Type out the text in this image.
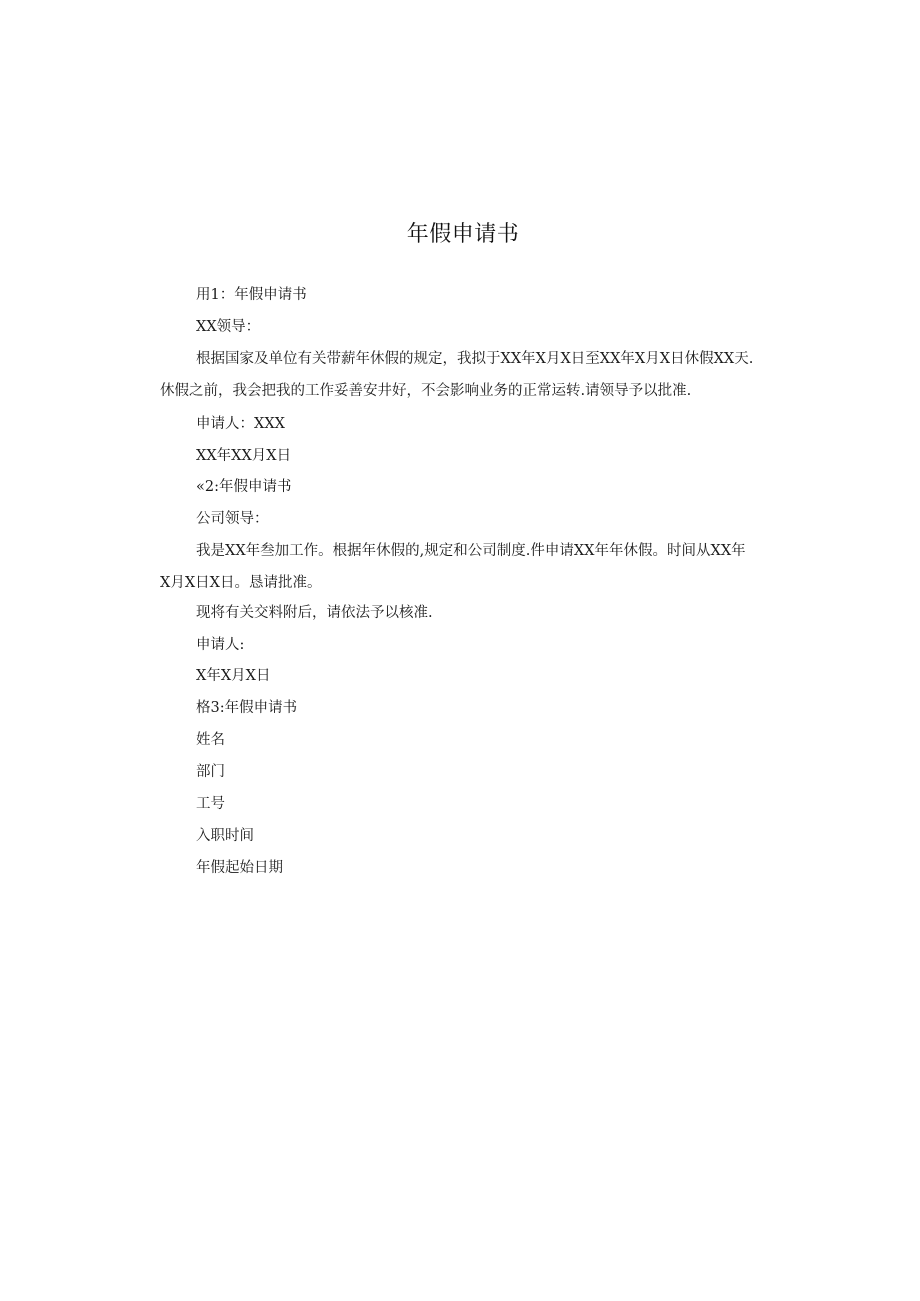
年假申请书
用1：年假申请书
XX领导：
根据国家及单位有关带薪年休假的规定，我拟于XX年X月X日至XX年X月X日休假XX天.
休假之前，我会把我的工作妥善安井好，不会影响业务的正常运转.请领导予以批准.
申请人：XXX
XX年XX月X日
«2:年假申请书
公司领导：
我是XX年叁加工作。根据年休假的,规定和公司制度.件申请XX年年休假。时间从XX年
X月X日X日。恳请批准。
现将有关交料附后，请依法予以核准.
申请人:
X年X月X日
格3:年假申请书
姓名
部门
工号
入职时间
年假起始日期
